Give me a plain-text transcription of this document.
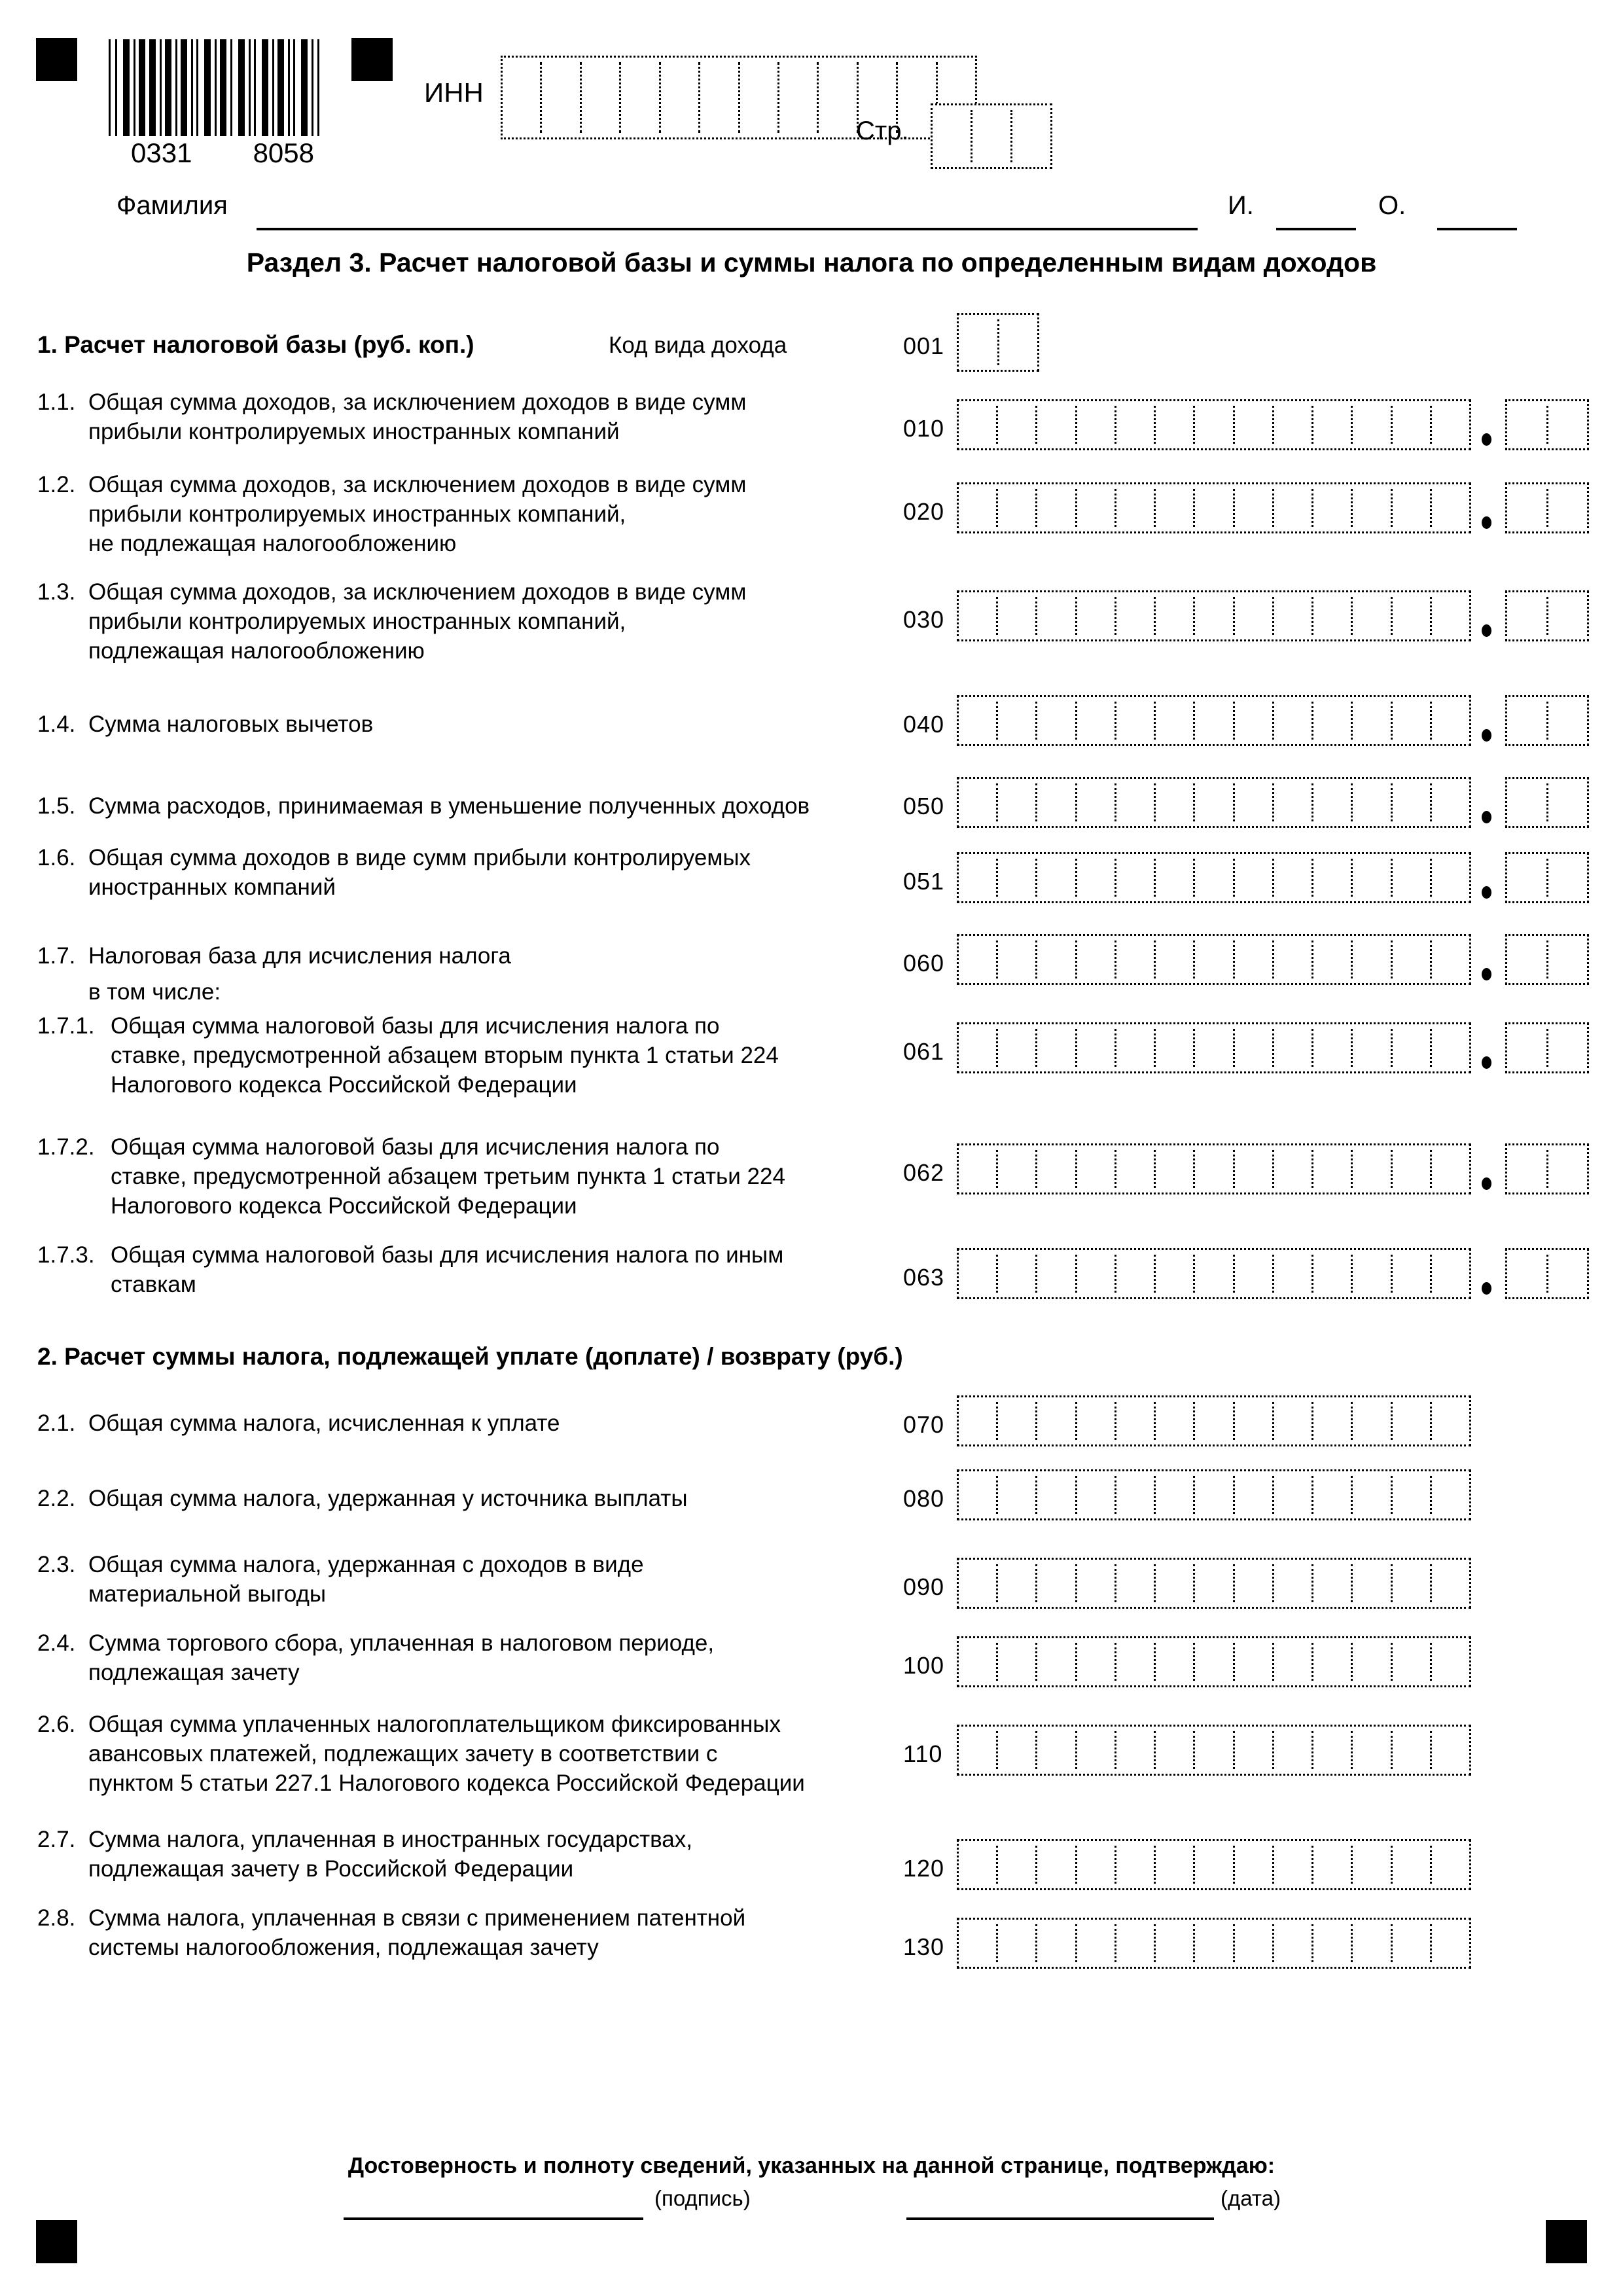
0331 8058
ИНН
Стр.
Фамилия	И.	О.
Раздел 3. Расчет налоговой базы и суммы налога по определенным видам доходов
1. Расчет налоговой базы (руб. коп.)	Код вида дохода	001
1.1. Общая сумма доходов, за исключением доходов в виде сумм
прибыли контролируемых иностранных компаний	010
1.2. Общая сумма доходов, за исключением доходов в виде сумм
прибыли контролируемых иностранных компаний,
не подлежащая налогообложению
020
1.3. Общая сумма доходов, за исключением доходов в виде сумм
прибыли контролируемых иностранных компаний,
подлежащая налогообложению
030
1.4. Сумма налоговых вычетов	040
1.5. Сумма расходов, принимаемая в уменьшение полученных доходов	050
1.6. Общая сумма доходов в виде сумм прибыли контролируемых
иностранных компаний	051
1.7. Налоговая база для исчисления налога
в том числе:
060
1.7.1. Общая сумма налоговой базы для исчисления налога по
ставке, предусмотренной абзацем вторым пункта 1 статьи 224
Налогового кодекса Российской Федерации
061
1.7.2. Общая сумма налоговой базы для исчисления налога по
ставке, предусмотренной абзацем третьим пункта 1 статьи 224
Налогового кодекса Российской Федерации
062
1.7.3. Общая сумма налоговой базы для исчисления налога по иным
ставкам	063
2. Расчет суммы налога, подлежащей уплате (доплате) / возврату (руб.)
2.1. Общая сумма налога, исчисленная к уплате	070
2.2. Общая сумма налога, удержанная у источника выплаты	080
2.3. Общая сумма налога, удержанная с доходов в виде
материальной выгоды	090
2.4. Сумма торгового сбора, уплаченная в налоговом периоде,
подлежащая зачету	100
2.6. Общая сумма уплаченных налогоплательщиком фиксированных
авансовых платежей, подлежащих зачету в соответствии с
пунктом 5 статьи 227.1 Налогового кодекса Российской Федерации
110
2.7. Сумма налога, уплаченная в иностранных государствах,
подлежащая зачету в Российской Федерации	120
2.8. Сумма налога, уплаченная в связи с применением патентной
системы налогообложения, подлежащая зачету	130
Достоверность и полноту сведений, указанных на данной странице, подтверждаю:
(подпись)	(дата)
